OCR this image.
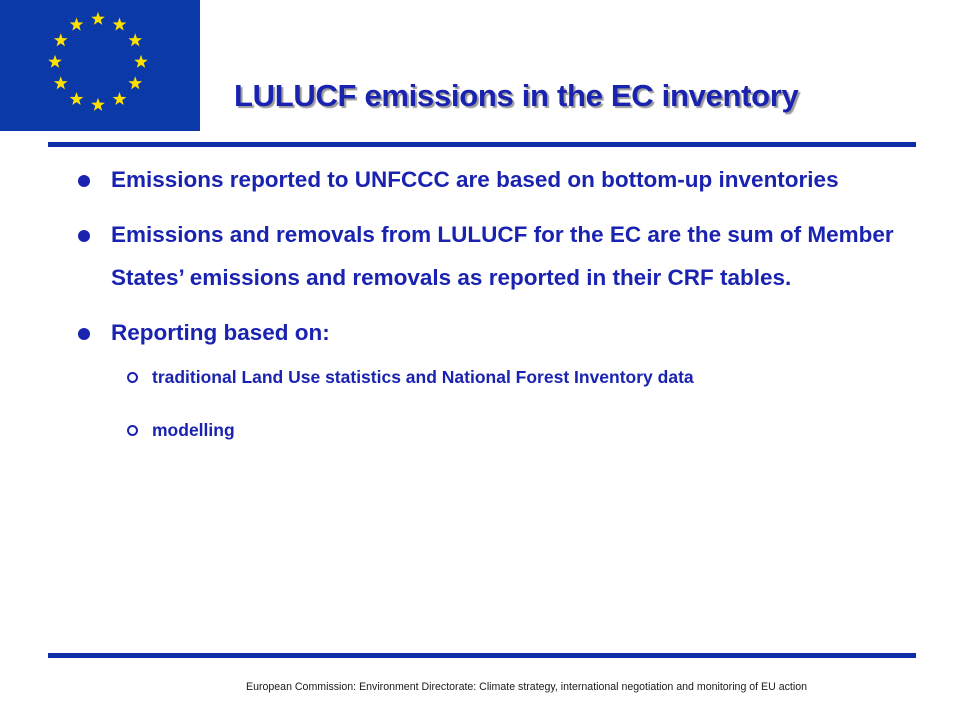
LULUCF emissions in the EC inventory
Emissions reported to UNFCCC are based on bottom-up inventories
Emissions and removals from LULUCF for the EC are the sum of Member States’ emissions and removals as reported in their CRF tables.
Reporting based on:
traditional Land Use statistics and National Forest Inventory data
modelling
European Commission: Environment Directorate: Climate strategy, international negotiation and monitoring of EU action
